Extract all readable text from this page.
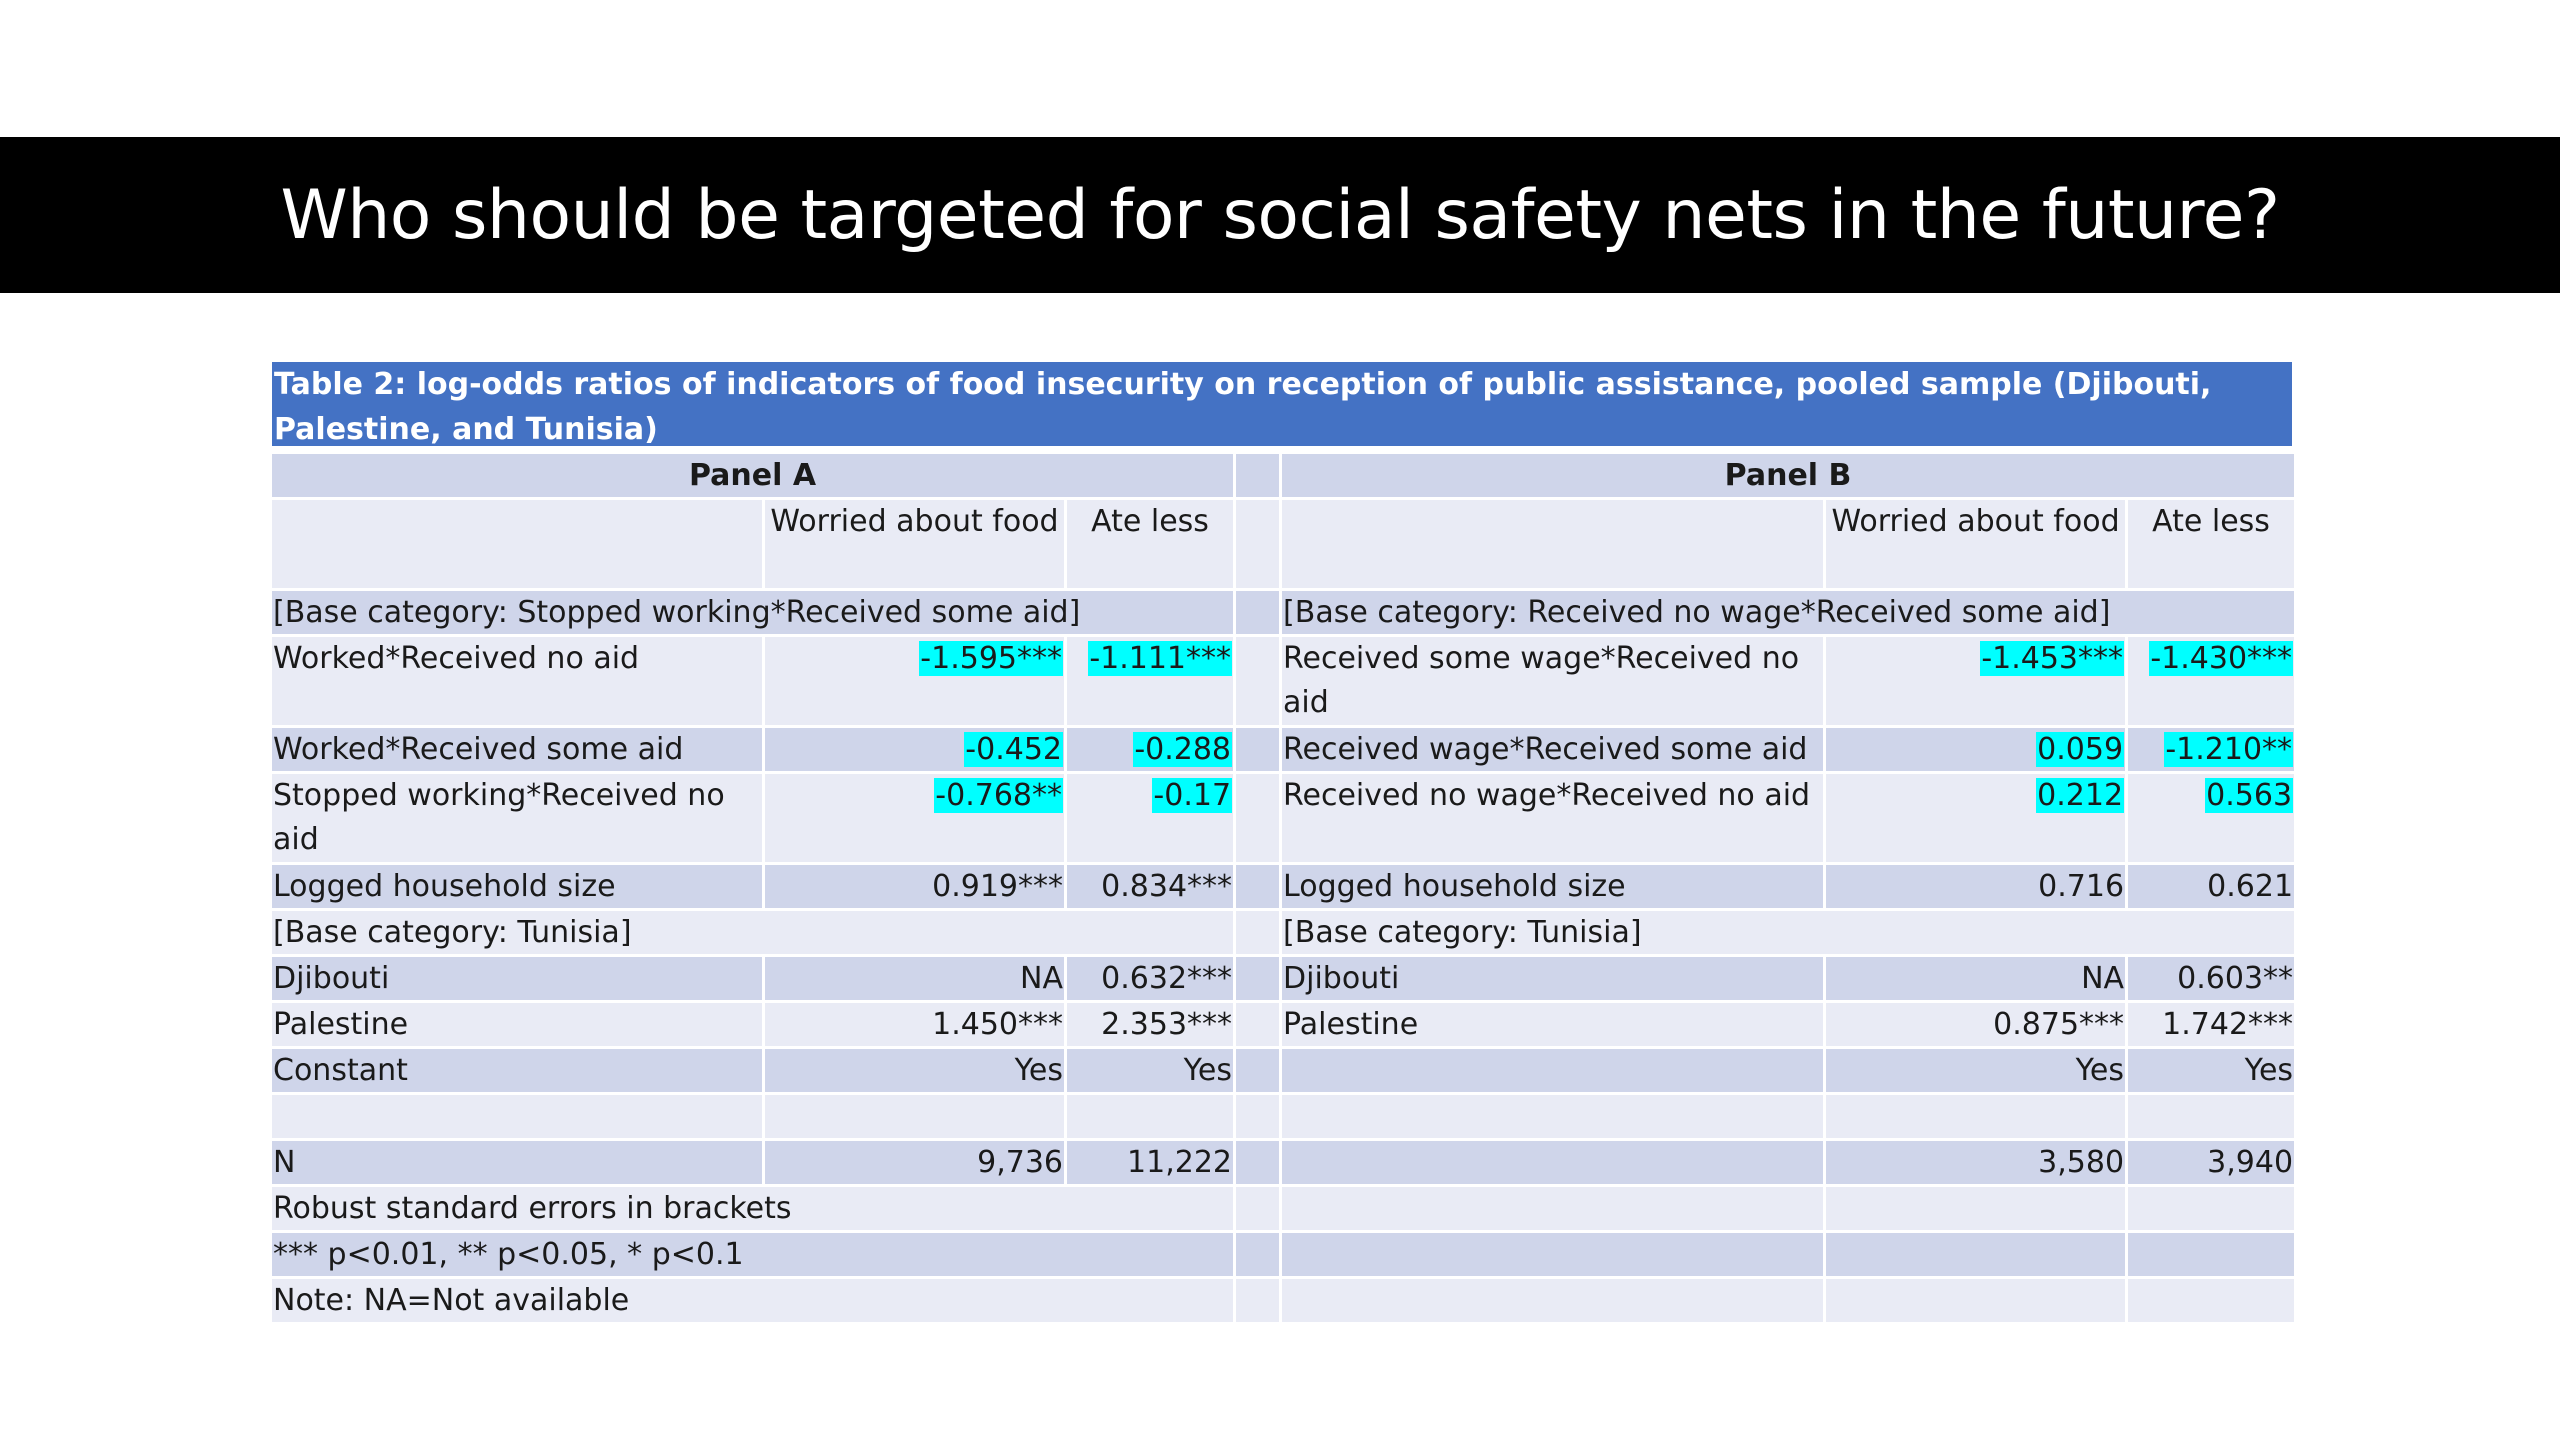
Who should be targeted for social safety nets in the future?
Table 2: log-odds ratios of indicators of food insecurity on reception of public assistance, pooled sample (Djibouti, Palestine, and Tunisia)
Panel A				Panel B		
	Worried about food	Ate less			Worried about food	Ate less
[Base category: Stopped working*Received some aid]				[Base category: Received no wage*Received some aid]		
Worked*Received no aid	-1.595***	-1.111***		Received some wage*Received no aid	-1.453***	-1.430***
Worked*Received some aid	-0.452	-0.288		Received wage*Received some aid	0.059	-1.210**
Stopped working*Received no aid	-0.768**	-0.17		Received no wage*Received no aid	0.212	0.563
Logged household size	0.919***	0.834***		Logged household size	0.716	0.621
[Base category: Tunisia]				[Base category: Tunisia]		
Djibouti	NA	0.632***		Djibouti	NA	0.603**
Palestine	1.450***	2.353***		Palestine	0.875***	1.742***
Constant	Yes	Yes			Yes	Yes

N	9,736	11,222			3,580	3,940
Robust standard errors in brackets						
*** p<0.01, ** p<0.05, * p<0.1						
Note: NA=Not available						
